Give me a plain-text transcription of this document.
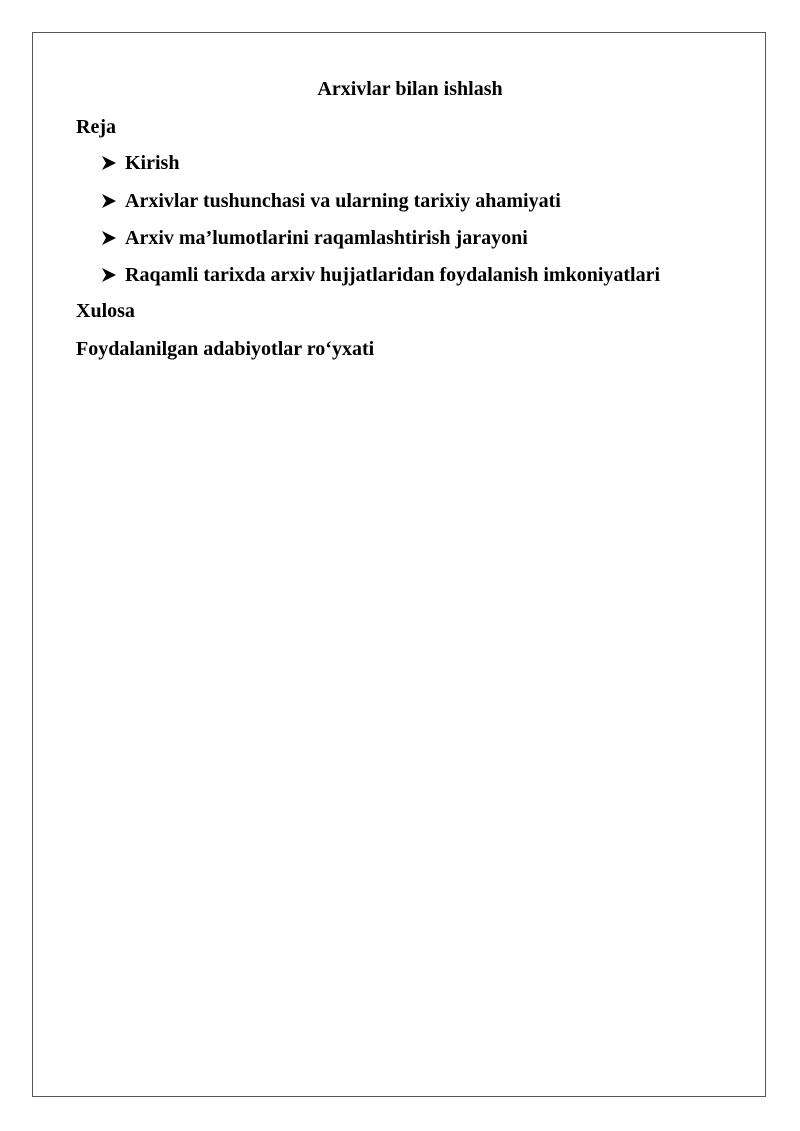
Arxivlar bilan ishlash
Reja
Kirish
Arxivlar tushunchasi va ularning tarixiy ahamiyati
Arxiv ma’lumotlarini raqamlashtirish jarayoni
Raqamli tarixda arxiv hujjatlaridan foydalanish imkoniyatlari
Xulosa
Foydalanilgan adabiyotlar ro‘yxati
